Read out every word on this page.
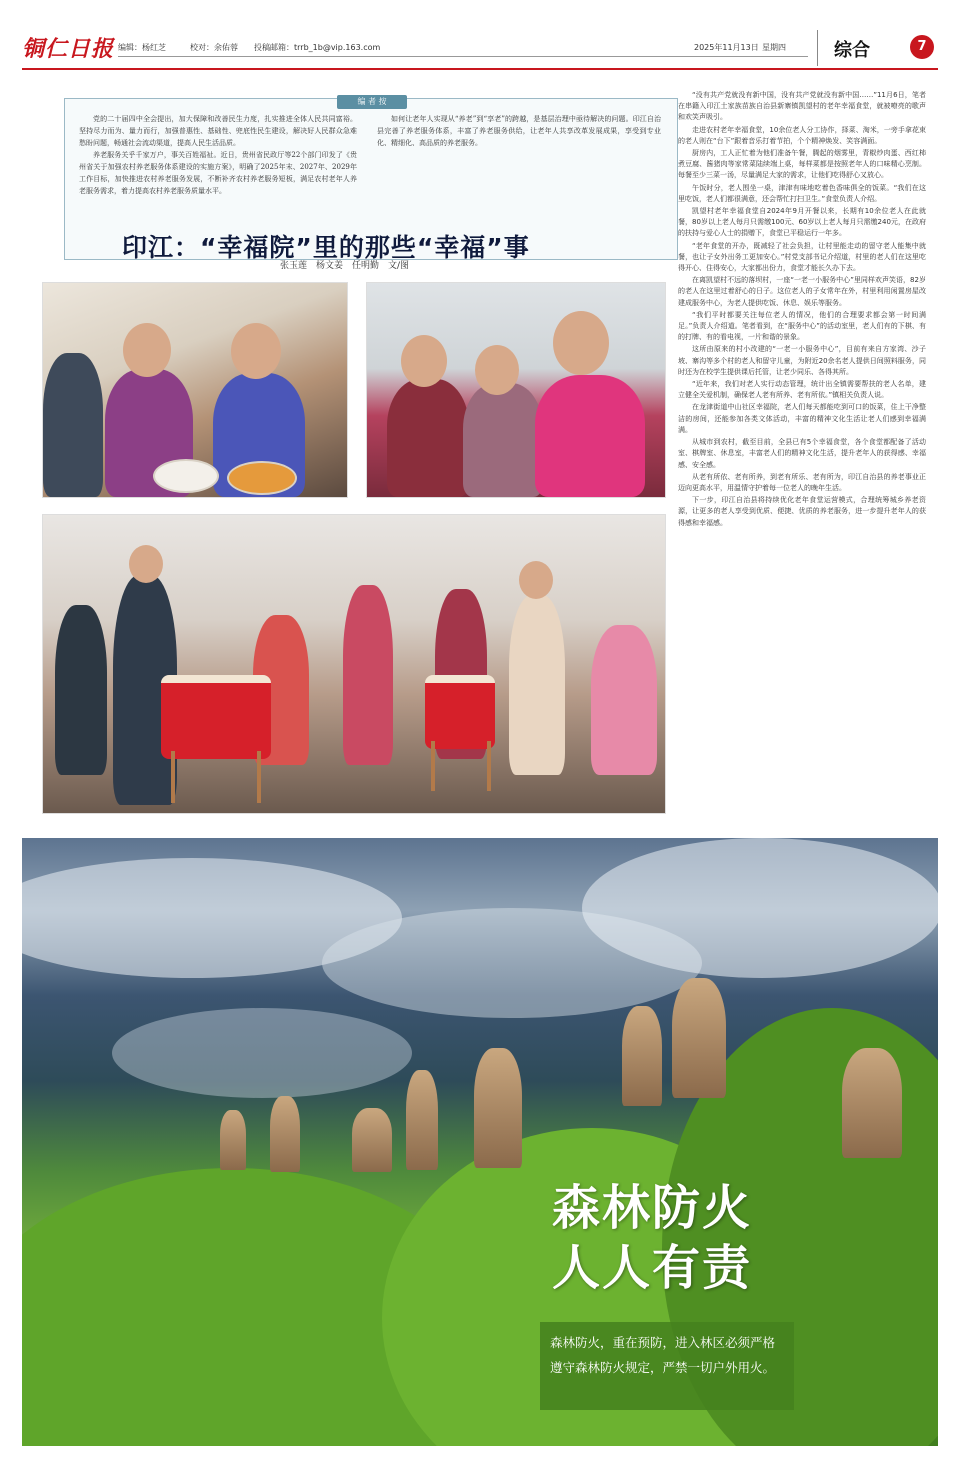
铜仁日报 编辑：杨红芝	校对：余佑蓉 投稿邮箱：trrb_1b@vip.163.com	2025年11月13日 星期四	综合	7
编 者 按

党的二十届四中全会提出，加大保障和改善民生力度，扎实推进全体人民共同富裕。坚持尽力而为、量力而行，加强普惠性、基础性、兜底性民生建设，解决好人民群众急难愁盼问题，畅通社会流动渠道，提高人民生活品质。

养老服务关乎千家万户，事关百姓福祉。近日，贵州省民政厅等22个部门印发了《贵州省关于加强农村养老服务体系建设的实施方案》，明确了2025年末、2027年、2029年工作目标，加快推进农村养老服务发展，不断补齐农村养老服务短板，满足农村老年人养老服务需求，着力提高农村养老服务质量水平。

如何让老年人实现从“养老”到“享老”的跨越，是基层治理中亟待解决的问题。印江自治县完善了养老服务体系，丰富了养老服务供给，让老年人共享改革发展成果，享受到专业化、精细化、高品质的养老服务。

印江：“幸福院”里的那些“幸福”事
张玉莲　杨文姜　任明勤　文/图

“没有共产党就没有新中国，没有共产党就没有新中国……”11月6日，笔者在串籍入印江土家族苗族自治县新寨镇凯望村的老年幸福食堂，就被嘹亮的歌声和欢笑声吸引。

走进农村老年幸福食堂，10余位老人分工协作，择菜、淘米，一旁手拿花束的老人则在“台下”跟着音乐打着节拍，个个精神焕发、笑容满面。

厨房内，工人正忙着为他们准备午餐，腾起的烟雾里，青椒炒肉蛋、西红柿煮豆腐、酱猪肉等家常菜陆续端上桌，每样菜都是按照老年人的口味精心烹制。每餐至少三菜一汤，尽量满足大家的需求，让他们吃得舒心又放心。

午饭时分，老人围坐一桌，津津有味地吃着色香味俱全的饭菜。“我们在这里吃饭，老人们都很满意，还会帮忙打扫卫生。”食堂负责人介绍。

凯望村老年幸福食堂自2024年9月开餐以来，长期有10余位老人在此就餐，80岁以上老人每月只需缴100元、60岁以上老人每月只需缴240元，在政府的扶持与爱心人士的捐赠下，食堂已平稳运行一年多。

“老年食堂的开办，既减轻了社会负担，让村里能走动的留守老人能集中就餐，也让子女外出务工更加安心。”村党支部书记介绍道，村里的老人们在这里吃得开心、住得安心，大家都出份力，食堂才能长久办下去。

在离凯望村不远的落坝村，一座“一老一小服务中心”里同样欢声笑语，82岁的老人在这里过着舒心的日子。这位老人的子女常年在外，村里利用闲置房屋改建成服务中心，为老人提供吃饭、休息、娱乐等服务。

“我们平时都要关注每位老人的情况，他们的合理要求都会第一时间满足。”负责人介绍道。笔者看到，在“服务中心”的活动室里，老人们有的下棋、有的打牌、有的看电视，一片和谐的景象。

这所由原来的村小改建的“一老一小服务中心”，目前有来自方家湾、沙子坡、寨沟等多个村的老人和留守儿童，为附近20余名老人提供日间照料服务，同时还为在校学生提供课后托管，让老少同乐、各得其所。

“近年来，我们对老人实行动态管理，统计出全镇需要帮扶的老人名单，建立健全关爱机制，确保老人老有所养、老有所依。”镇相关负责人说。

在龙津街道中山社区幸福院，老人们每天都能吃到可口的饭菜，住上干净整洁的房间，还能参加各类文体活动，丰富的精神文化生活让老人们感到幸福满满。

从城市到农村，截至目前，全县已有5个幸福食堂，各个食堂都配备了活动室、棋牌室、休息室，丰富老人们的精神文化生活，提升老年人的获得感、幸福感、安全感。

从老有所依、老有所养，到老有所乐、老有所为，印江自治县的养老事业正迈向更高水平，用温情守护着每一位老人的晚年生活。

下一步，印江自治县将持续优化老年食堂运营模式，合理统筹城乡养老资源，让更多的老人享受到优质、便捷、优质的养老服务，进一步提升老年人的获得感和幸福感。

森林防火
人人有责
森林防火，重在预防，进入林区必须严格遵守森林防火规定，严禁一切户外用火。
